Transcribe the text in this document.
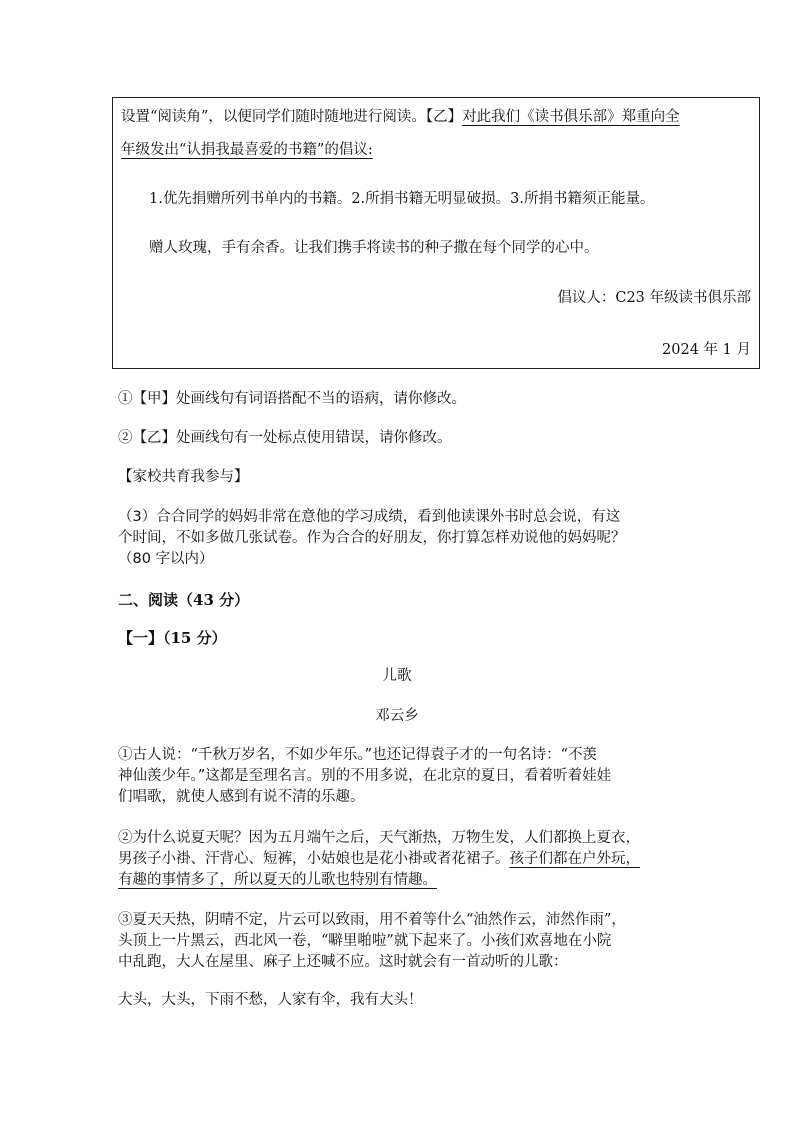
设置“阅读角”，以便同学们随时随地进行阅读。【乙】对此我们《读书俱乐部》郑重向全
年级发出“认捐我最喜爱的书籍”的倡议:
1.优先捐赠所列书单内的书籍。2.所捐书籍无明显破损。3.所捐书籍须正能量。
赠人玫瑰，手有余香。让我们携手将读书的种子撒在每个同学的心中。
倡议人：C23 年级读书俱乐部
2024 年 1 月
①【甲】处画线句有词语搭配不当的语病，请你修改。
②【乙】处画线句有一处标点使用错误，请你修改。
【家校共育我参与】
（3）合合同学的妈妈非常在意他的学习成绩，看到他读课外书时总会说，有这
个时间，不如多做几张试卷。作为合合的好朋友，你打算怎样劝说他的妈妈呢？
（80 字以内）
二、阅读（43 分）
【一】（15 分）
儿歌
邓云乡
①古人说：“千秋万岁名，不如少年乐。”也还记得袁子才的一句名诗：“不羡
神仙羡少年。”这都是至理名言。别的不用多说，在北京的夏日，看着听着娃娃
们唱歌，就使人感到有说不清的乐趣。
②为什么说夏天呢？因为五月端午之后，天气渐热，万物生发，人们都换上夏衣，
男孩子小褂、汗背心、短裤，小姑娘也是花小褂或者花裙子。孩子们都在户外玩，
有趣的事情多了，所以夏天的儿歌也特别有情趣。
③夏天天热，阴晴不定，片云可以致雨，用不着等什么“油然作云，沛然作雨”，
头顶上一片黑云，西北风一卷，“噼里啪啦”就下起来了。小孩们欢喜地在小院
中乱跑，大人在屋里、麻子上还喊不应。这时就会有一首动听的儿歌：
大头，大头，下雨不愁，人家有伞，我有大头！
